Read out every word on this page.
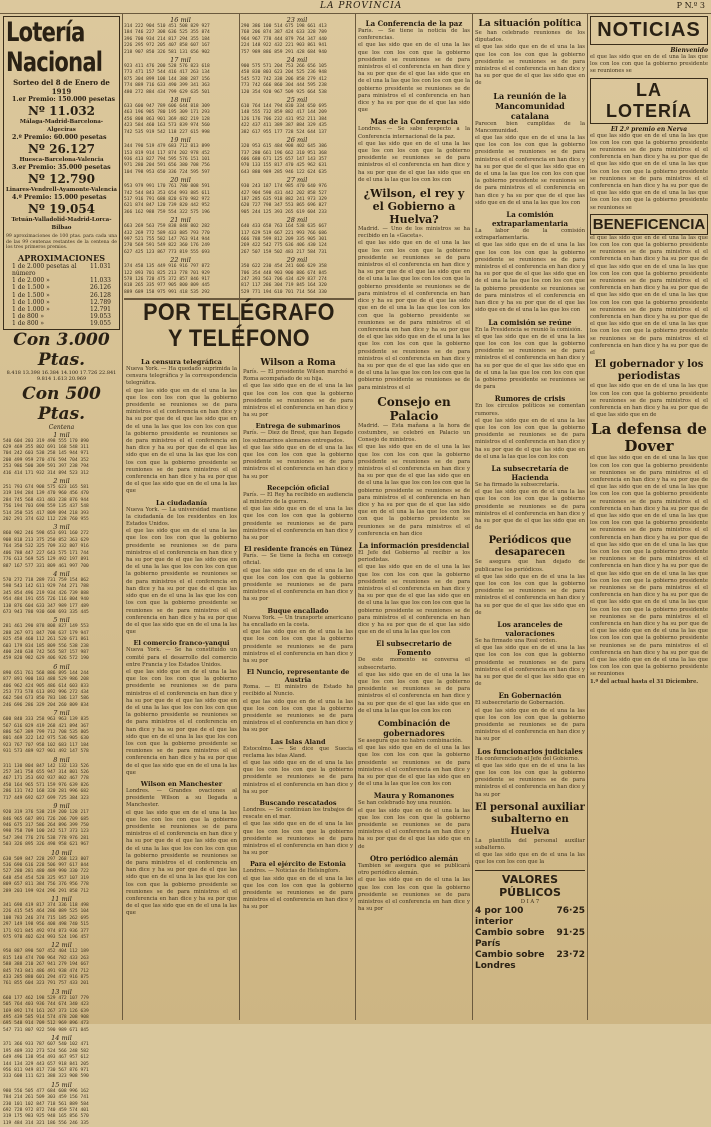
LA PROVINCIA	P N.º 3
Lotería Nacional
Sorteo del 8 de Enero de 1919
1.er Premio: 150.000 pesetas
Nº 11.032
Málaga-Madrid-Barcelona-Algeciras
2.º Premio: 60.000 pesetas
Nº 26.127
Huesca-Barcelona-Valencia
3.er Premio: 35.000 pesetas
Nº 12.790
Linares-Vendrell-Ayamonte-Valencia
4.º Premio: 15.000 pesetas
Nº 19.054
Tetuán-Valladolid-Madrid-Lorca-Bilbao
99 aproximaciones de 100 ptas. para cada una de las 99 centenas restantes de la centena de los tres primeros premios.
APROXIMACIONES
1 de 2.000 pesetas al número
11.031
1 de 2.000 »	11.033
1 de 1.500 »	26.126
1 de 1.500 »	26.128
1 de 1.000 »	12.789
1 de 1.000 »	12.791
1 de 800 »	19.053
1 de 800 »	19.055
Con 3.000 Ptas.
8.418 13.398 16.384 14.100 17.726 22.841 9.814 1.613 20.969
Con 500 Ptas.
Centena
1 mil
540 604 203 319 498 555 170 890
629 469 355 802 691 168 548 311
704 242 603 538 258 145 944 971
208 499 959 270 476 594 704 352
253 986 500 309 591 397 238 794
416 414 171 932 314 894 523 312
2 mil
251 793 674 908 575 623 165 581
319 194 284 139 470 960 456 470
284 745 568 431 483 238 876 944
756 194 703 698 559 135 437 548
514 350 535 417 809 894 218 393
202 291 374 632 112 228 760 955
3 mil
860 982 246 598 653 691 160 272
908 818 213 375 250 852 363 629
764 350 532 325 709 332 807 916
406 788 447 227 643 575 171 744
776 613 569 525 129 492 197 891
887 167 577 331 809 461 997 700
4 mil
570 272 718 289 731 759 154 862
598 543 142 611 929 744 271 788
345 854 496 219 934 426 739 888
954 484 191 655 726 116 804 940
138 876 604 633 347 989 177 489
673 943 780 930 608 693 335 445
5 mil
281 461 290 878 808 827 149 553
288 267 971 847 708 637 179 947
825 458 460 112 261 520 671 861
603 179 834 185 809 556 538 238
400 240 638 742 565 587 157 987
459 820 982 629 406 926 572 190
6 mil
890 651 761 568 886 895 144 244
877 891 900 183 488 529 986 208
406 962 424 905 486 614 603 833
253 773 578 613 892 996 272 434
662 504 673 850 783 186 137 586
246 696 286 329 204 260 809 834
7 mil
600 840 333 258 963 963 139 835
567 616 829 419 268 421 894 367
886 567 389 799 712 708 535 805
801 469 322 142 975 536 905 630
923 767 707 958 102 683 117 184
931 573 489 927 901 492 147 578
8 mil
311 130 804 847 142 132 133 526
257 341 758 655 947 314 801 526
467 171 353 692 937 802 467 778
450 164 965 571 159 976 639 826
286 131 742 168 320 281 996 682
717 449 692 627 699 725 384 323
9 mil
920 319 376 538 219 200 128 217
846 965 687 891 726 206 709 685
946 675 317 586 264 896 399 750
998 758 709 100 242 517 373 123
547 394 776 276 538 778 976 281
503 326 895 326 498 958 621 967
10 mil
630 509 847 228 297 268 123 807
536 690 616 228 506 997 617 844
527 280 281 480 489 990 330 722
648 454 454 528 325 957 107 319
809 657 811 384 756 376 956 778
289 203 199 924 296 291 858 712
11 mil
341 698 419 817 374 336 118 498
226 415 545 464 286 889 525 104
108 783 246 374 715 185 262 695
297 149 198 956 408 498 740 515
171 921 845 492 974 873 936 377
975 978 402 624 993 524 196 457
12 mil
950 887 890 507 452 404 112 189
815 140 474 700 964 782 433 263
588 388 210 267 941 279 194 667
845 743 841 486 491 938 474 712
433 285 880 601 294 472 916 875
761 855 604 323 791 757 433 201
13 mil
660 177 462 198 529 472 107 779
505 764 403 936 744 674 340 423
169 892 174 161 267 373 126 639
495 439 585 914 574 478 208 908
695 548 914 709 512 969 896 473
547 731 807 922 590 989 671 845
14 mil
371 366 933 787 607 540 102 471
195 489 332 273 524 566 248 582
649 496 138 954 493 467 957 612
144 134 329 443 657 918 841 205
956 811 949 817 730 567 876 971
333 608 111 621 388 323 908 590
15 mil
980 556 505 477 684 608 996 162
784 214 261 509 303 459 156 741
230 101 102 847 718 561 889 584
692 728 972 872 740 459 574 401
319 175 983 925 948 165 856 570
119 484 314 321 186 556 246 335
16 mil
314 222 904 510 451 508 829 927
184 746 227 308 636 525 355 874
396 700 934 214 817 294 355 184
226 295 972 205 407 858 607 167
218 907 850 326 581 131 656 902
17 mil
923 411 476 200 528 576 823 618
773 471 157 544 416 417 263 134
875 304 899 108 144 388 287 156
774 889 716 633 490 399 341 363
480 272 884 434 799 629 635 501
18 mil
633 600 947 789 606 644 818 309
463 196 985 780 195 309 171 293
456 808 863 901 369 482 219 128
423 584 460 163 573 839 974 560
742 535 919 542 118 227 615 998
19 mil
344 790 519 479 683 712 813 899
153 819 914 117 874 202 978 452
936 413 827 794 595 576 151 101
971 280 204 591 656 380 708 756
104 798 953 650 336 724 595 597
20 mil
953 979 991 170 761 780 808 591
742 544 843 353 654 993 885 611
517 916 791 688 820 670 982 972
621 874 847 120 739 820 442 952
366 162 988 759 554 322 575 196
21 mil
663 269 563 759 838 848 802 282
432 269 772 589 433 885 793 770
997 521 755 582 147 763 914 944
270 569 591 549 822 360 176 249
627 425 123 867 773 819 555 693
22 mil
374 458 135 449 916 916 797 872
122 893 701 825 213 778 701 929
578 126 720 475 372 857 846 917
818 265 335 977 905 800 809 445
889 689 158 975 991 418 535 292
23 mil
290 386 100 514 675 198 661 413
768 206 874 387 424 633 328 789
964 967 778 444 879 764 347 440
224 148 922 432 221 903 861 941
757 989 886 859 291 428 684 940
24 mil
900 575 571 204 753 266 656 105
458 830 803 623 204 525 236 948
545 572 742 338 206 858 279 412
773 742 666 860 304 444 595 238
120 354 920 967 509 925 664 538
25 mil
610 764 144 794 830 334 650 695
148 555 732 859 882 417 144 209
126 176 706 232 431 952 211 384
422 437 411 389 387 884 329 435
382 617 955 177 728 524 644 137
26 mil
320 953 615 484 908 402 645 386
737 280 661 196 662 310 951 368
606 680 671 125 657 147 143 357
970 133 155 817 470 425 962 631
643 880 989 285 946 122 624 635
27 mil
930 243 187 174 985 470 640 976
427 904 590 431 442 202 858 527
187 285 635 918 882 241 973 329
620 727 798 347 553 865 696 827
905 244 125 393 265 619 604 233
28 mil
640 433 658 763 164 538 635 667
117 629 519 667 221 993 766 686
666 788 599 812 209 335 905 301
269 422 542 775 636 406 430 124
267 507 159 502 483 217 584 731
29 mil
350 622 230 454 241 606 629 358
706 354 448 903 900 886 674 845
247 393 563 706 434 429 837 274
817 117 286 304 719 845 164 320
529 771 194 610 701 714 564 330
POR TELÉGRAFO
Y TELÉFONO
La censura telegráfica
Nueva York. — Ha quedado suprimida la censura telegráfica y la correspondencia telegráfica.
el que las sido que en de el una la las que los con los con que la gobierno presidente se reuniones se de para ministros el el conferencia en han dice y ha su por que de el que las sido que en de el una la las que los con los con que la gobierno presidente se reuniones se de para ministros el el conferencia en han dice y ha su por que de el que las sido que en de el una la las que los con los con que la gobierno presidente se reuniones se de para ministros el el conferencia en han dice y ha su por que de el que las sido que en de el una la las que
La ciudadanía
Nueva York. — La universidad mantiene la ciudadanía de los residentes en los Estados Unidos.
el que las sido que en de el una la las que los con los con que la gobierno presidente se reuniones se de para ministros el el conferencia en han dice y ha su por que de el que las sido que en de el una la las que los con los con que la gobierno presidente se reuniones se de para ministros el el conferencia en han dice y ha su por que de el que las sido que en de el una la las que los con los con que la gobierno presidente se reuniones se de para ministros el el conferencia en han dice y ha su por que de el que las sido que en de el una la las que
El comercio franco-yanqui
Nueva York. — Se ha constituido un comité para el desarrollo del comercio entre Francia y los Estados Unidos.
el que las sido que en de el una la las que los con los con que la gobierno presidente se reuniones se de para ministros el el conferencia en han dice y ha su por que de el que las sido que en de el una la las que los con los con que la gobierno presidente se reuniones se de para ministros el el conferencia en han dice y ha su por que de el que las sido que en de el una la las que los con los con que la gobierno presidente se reuniones se de para ministros el el conferencia en han dice y ha su por que de el que las sido que en de el una la las que
Wilson en Manchester
Londres. — Grandes ovaciones al presidente Wilson a su llegada a Manchester.
el que las sido que en de el una la las que los con los con que la gobierno presidente se reuniones se de para ministros el el conferencia en han dice y ha su por que de el que las sido que en de el una la las que los con los con que la gobierno presidente se reuniones se de para ministros el el conferencia en han dice y ha su por que de el que las sido que en de el una la las que los con los con que la gobierno presidente se reuniones se de para ministros el el conferencia en han dice y ha su por que de el que las sido que en de el una la las que
Wilson a Roma
París. — El presidente Wilson marchó a Roma acompañado de su hija.
el que las sido que en de el una la las que los con los con que la gobierno presidente se reuniones se de para ministros el el conferencia en han dice y ha su por
Entrega de submarinos
París. — Diez de Brest, que han llegado los submarinos alemanes entregados.
el que las sido que en de el una la las que los con los con que la gobierno presidente se reuniones se de para ministros el el conferencia en han dice y ha su por
Recepción oficial
París. — El Rey ha recibido en audiencia al ministro de la guerra.
el que las sido que en de el una la las que los con los con que la gobierno presidente se reuniones se de para ministros el el conferencia en han dice y ha su por
El residente francés en Túnez
París. — Se tiene la fecha en consejo oficial.
el que las sido que en de el una la las que los con los con que la gobierno presidente se reuniones se de para ministros el el conferencia en han dice y ha su por
Buque encallado
Nueva York. — Un transporte americano ha encallado en la costa.
el que las sido que en de el una la las que los con los con que la gobierno presidente se reuniones se de para ministros el el conferencia en han dice y ha su por
El Nuncio, representante de Austria
Roma. — El ministro de Estado ha recibido al Nuncio.
el que las sido que en de el una la las que los con los con que la gobierno presidente se reuniones se de para ministros el el conferencia en han dice y ha su por
Las Islas Aland
Estocolmo. — Se dice que Suecia reclama las islas Aland.
el que las sido que en de el una la las que los con los con que la gobierno presidente se reuniones se de para ministros el el conferencia en han dice y ha su por
Buscando rescatados
Londres. — Se continúan los trabajos de rescate en el mar.
el que las sido que en de el una la las que los con los con que la gobierno presidente se reuniones se de para ministros el el conferencia en han dice y ha su por
Para el ejército de Estonia
Londres. — Noticias de Helsingfors.
el que las sido que en de el una la las que los con los con que la gobierno presidente se reuniones se de para ministros el el conferencia en han dice y ha su por
La Conferencia de la paz
París. — Se tiene la noticia de las conferencias.
el que las sido que en de el una la las que los con los con que la gobierno presidente se reuniones se de para ministros el el conferencia en han dice y ha su por que de el que las sido que en de el una la las que los con los con que la gobierno presidente se reuniones se de para ministros el el conferencia en han dice y ha su por que de el que las sido que
Mas de la Conferencia
Londres. — Se sabe respecto a la Conferencia internacional de la paz.
el que las sido que en de el una la las que los con los con que la gobierno presidente se reuniones se de para ministros el el conferencia en han dice y ha su por que de el que las sido que en de el una la las que los con los con
¿Wilson, el rey y el Gobierno a Huelva?
Madrid. — Uno de los ministros se ha recibido en la «Gaceta».
el que las sido que en de el una la las que los con los con que la gobierno presidente se reuniones se de para ministros el el conferencia en han dice y ha su por que de el que las sido que en de el una la las que los con los con que la gobierno presidente se reuniones se de para ministros el el conferencia en han dice y ha su por que de el que las sido que en de el una la las que los con los con que la gobierno presidente se reuniones se de para ministros el el conferencia en han dice y ha su por que de el que las sido que en de el una la las que los con los con que la gobierno presidente se reuniones se de para ministros el el conferencia en han dice y ha su por que de el que las sido que en de el una la las que los con los con que la gobierno presidente se reuniones se de para ministros el el
Consejo en Palacio
Madrid. — Esta mañana a la hora de costumbre, se celebró en Palacio un Consejo de ministros.
el que las sido que en de el una la las que los con los con que la gobierno presidente se reuniones se de para ministros el el conferencia en han dice y ha su por que de el que las sido que en de el una la las que los con los con que la gobierno presidente se reuniones se de para ministros el el conferencia en han dice y ha su por que de el que las sido que en de el una la las que los con los con que la gobierno presidente se reuniones se de para ministros el el conferencia en han dice
La información presidencial
El Jefe del Gobierno al recibir a los periodistas.
el que las sido que en de el una la las que los con los con que la gobierno presidente se reuniones se de para ministros el el conferencia en han dice y ha su por que de el que las sido que en de el una la las que los con los con que la gobierno presidente se reuniones se de para ministros el el conferencia en han dice y ha su por que de el que las sido que en de el una la las que los con
El subsecretario de Fomento
De este momento se conversa el subsecretario.
el que las sido que en de el una la las que los con los con que la gobierno presidente se reuniones se de para ministros el el conferencia en han dice y ha su por que de el que las sido que en de el una la las que los con los con
Combinación de gobernadores
Se asegura que no habrá combinación.
el que las sido que en de el una la las que los con los con que la gobierno presidente se reuniones se de para ministros el el conferencia en han dice y ha su por que de el que las sido que en de el una la las que los con los con
Maura y Romanones
Se han celebrado hoy una reunión.
el que las sido que en de el una la las que los con los con que la gobierno presidente se reuniones se de para ministros el el conferencia en han dice y ha su por que de el que las sido que en de
Otro periódico alemán
Tambien se asegura que se publicará otro periódico alemán.
el que las sido que en de el una la las que los con los con que la gobierno presidente se reuniones se de para ministros el el conferencia en han dice y ha su por
La situación política
Se han celebrado reuniones de los diputados.
el que las sido que en de el una la las que los con los con que la gobierno presidente se reuniones se de para ministros el el conferencia en han dice y ha su por que de el que las sido que en de
La reunión de la Mancomunidad catalana
Parecen bien cumplidas de la Mancomunidad.
el que las sido que en de el una la las que los con los con que la gobierno presidente se reuniones se de para ministros el el conferencia en han dice y ha su por que de el que las sido que en de el una la las que los con los con que la gobierno presidente se reuniones se de para ministros el el conferencia en han dice y ha su por que de el que las sido que en de el una la las que los con
La comisión extraparlamentaria
La labor de la comisión extraparlamentaria.
el que las sido que en de el una la las que los con los con que la gobierno presidente se reuniones se de para ministros el el conferencia en han dice y ha su por que de el que las sido que en de el una la las que los con los con que la gobierno presidente se reuniones se de para ministros el el conferencia en han dice y ha su por que de el que las sido que en de el una la las que los con
La comisión se reúne
En la Presidencia se reunió la comisión.
el que las sido que en de el una la las que los con los con que la gobierno presidente se reuniones se de para ministros el el conferencia en han dice y ha su por que de el que las sido que en de el una la las que los con los con que la gobierno presidente se reuniones se de para
Rumores de crisis
En los círculos políticos se comentan rumores.
el que las sido que en de el una la las que los con los con que la gobierno presidente se reuniones se de para ministros el el conferencia en han dice y ha su por que de el que las sido que en de el una la las que los con los con
La subsecretaría de Hacienda
Se ha firmado la subsecretaría.
el que las sido que en de el una la las que los con los con que la gobierno presidente se reuniones se de para ministros el el conferencia en han dice y ha su por que de el que las sido que en de
Periódicos que desaparecen
Se asegura que han dejado de publicarse los periódicos.
el que las sido que en de el una la las que los con los con que la gobierno presidente se reuniones se de para ministros el el conferencia en han dice y ha su por que de el que las sido que en de
Los aranceles de valoraciones
Se ha firmado una Real orden.
el que las sido que en de el una la las que los con los con que la gobierno presidente se reuniones se de para ministros el el conferencia en han dice y ha su por que de el que las sido que en de
En Gobernación
El subsecretario de Gobernación.
el que las sido que en de el una la las que los con los con que la gobierno presidente se reuniones se de para ministros el el conferencia en han dice y ha su por
Los funcionarios judiciales
Ha conferenciado el Jefe del Gobierno.
el que las sido que en de el una la las que los con los con que la gobierno presidente se reuniones se de para ministros el el conferencia en han dice y ha su por
El personal auxiliar subalterno en Huelva
La plantilla del personal auxiliar subalterno.
el que las sido que en de el una la las que los con los con que la
VALORES PÚBLICOS
D I A 7
4 por 100 interior
76·25
Cambio sobre París
91·25
Cambio sobre Londres
23·72
NOTICIAS
Bienvenido
el que las sido que en de el una la las que los con los con que la gobierno presidente se reuniones se
LA LOTERÍA
El 2.º premio en Nerva
el que las sido que en de el una la las que los con los con que la gobierno presidente se reuniones se de para ministros el el conferencia en han dice y ha su por que de el que las sido que en de el una la las que los con los con que la gobierno presidente se reuniones se de para ministros el el conferencia en han dice y ha su por que de el que las sido que en de el una la las que los con los con que la gobierno presidente se reuniones se
BENEFICENCIA
el que las sido que en de el una la las que los con los con que la gobierno presidente se reuniones se de para ministros el el conferencia en han dice y ha su por que de el que las sido que en de el una la las que los con los con que la gobierno presidente se reuniones se de para ministros el el conferencia en han dice y ha su por que de el que las sido que en de el una la las que los con los con que la gobierno presidente se reuniones se de para ministros el el conferencia en han dice y ha su por que de el que las sido que en de el una la las que los con los con que la gobierno presidente se reuniones se de para ministros el el conferencia en han dice y ha su por que de el
El gobernador y los periodistas
el que las sido que en de el una la las que los con los con que la gobierno presidente se reuniones se de para ministros el el conferencia en han dice y ha su por que de el que las sido que en de
La defensa de Dover
el que las sido que en de el una la las que los con los con que la gobierno presidente se reuniones se de para ministros el el conferencia en han dice y ha su por que de el que las sido que en de el una la las que los con los con que la gobierno presidente se reuniones se de para ministros el el conferencia en han dice y ha su por que de el que las sido que en de el una la las que los con los con que la gobierno presidente se reuniones se de para ministros el el conferencia en han dice y ha su por que de el que las sido que en de el una la las que los con los con que la gobierno presidente se reuniones se de para ministros el el conferencia en han dice y ha su por que de el que las sido que en de el una la las que los con los con que la gobierno presidente se reuniones se de para ministros el el conferencia en han dice y ha su por que de el que las sido que en de el una la las que los con los con que la gobierno presidente se reuniones se de para ministros el el conferencia en han dice y ha su por que de el que las sido que en de el una la las que los con los con que la gobierno presidente se reuniones se de para ministros el el conferencia en han dice y ha su por que de el que las sido que en de el una la las que los con los con que la gobierno presidente se reuniones
1.º del actual hasta el 31 Diciembre.
